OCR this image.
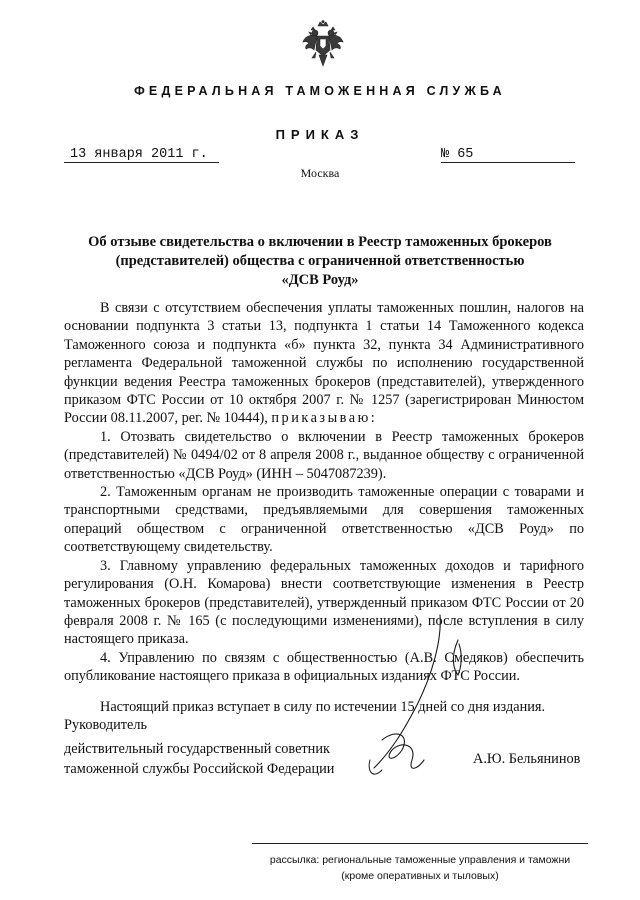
ФЕДЕРАЛЬНАЯ ТАМОЖЕННАЯ СЛУЖБА
ПРИКАЗ
13 января 2011 г.	№ 65
Москва
Об отзыве свидетельства о включении в Реестр таможенных брокеров
(представителей) общества с ограниченной ответственностью
«ДСВ Роуд»

В связи с отсутствием обеспечения уплаты таможенных пошлин, налогов на основании подпункта 3 статьи 13, подпункта 1 статьи 14 Таможенного кодекса Таможенного союза и подпункта «б» пункта 32, пункта 34 Административного регламента Федеральной таможенной службы по исполнению государственной функции ведения Реестра таможенных брокеров (представителей), утвержденного приказом ФТС России от 10 октября 2007 г. № 1257 (зарегистрирован Минюстом России 08.11.2007, рег. № 10444), приказываю:

1. Отозвать свидетельство о включении в Реестр таможенных брокеров (представителей) № 0494/02 от 8 апреля 2008 г., выданное обществу с ограниченной ответственностью «ДСВ Роуд» (ИНН – 5047087239).

2. Таможенным органам не производить таможенные операции с товарами и транспортными средствами, предъявляемыми для совершения таможенных операций обществом с ограниченной ответственностью «ДСВ Роуд» по соответствующему свидетельству.

3. Главному управлению федеральных таможенных доходов и тарифного регулирования (О.Н. Комарова) внести соответствующие изменения в Реестр таможенных брокеров (представителей), утвержденный приказом ФТС России от 20 февраля 2008 г. № 165 (с последующими изменениями), после вступления в силу настоящего приказа.

4. Управлению по связям с общественностью (А.В. Смедяков) обеспечить опубликование настоящего приказа в официальных изданиях ФТС России.

Настоящий приказ вступает в силу по истечении 15 дней со дня издания.

Руководитель
действительный государственный советник
таможенной службы Российской Федерации
А.Ю. Бельянинов
рассылка: региональные таможенные управления и таможни
(кроме оперативных и тыловых)
